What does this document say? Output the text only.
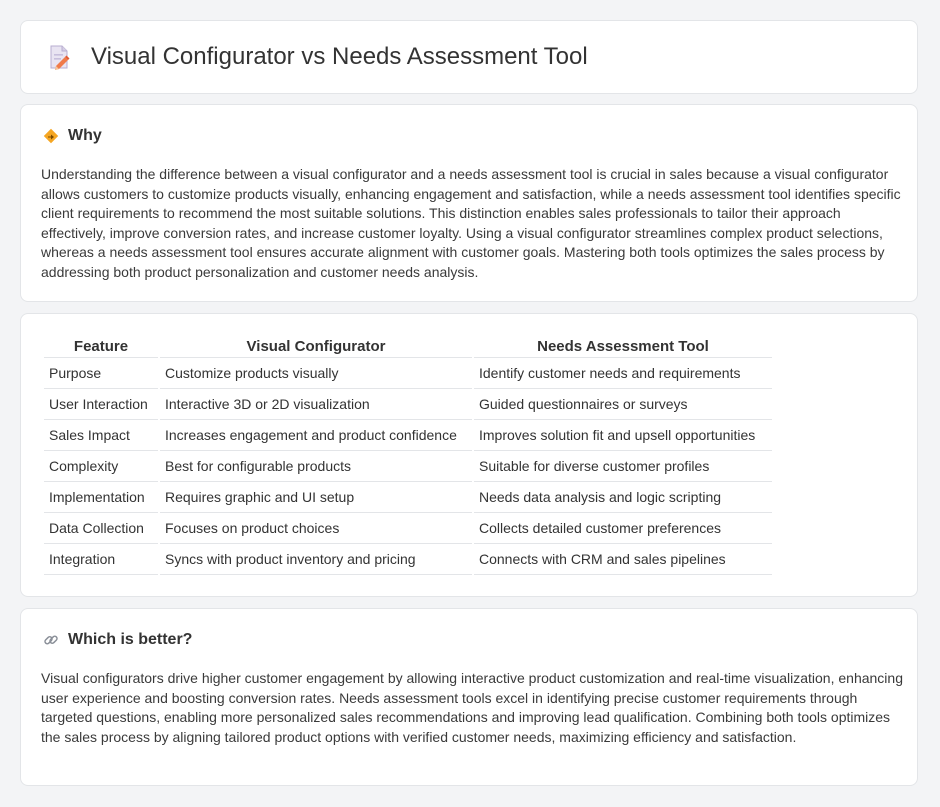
Visual Configurator vs Needs Assessment Tool
Why

Understanding the difference between a visual configurator and a needs assessment tool is crucial in sales because a visual configurator allows customers to customize products visually, enhancing engagement and satisfaction, while a needs assessment tool identifies specific client requirements to recommend the most suitable solutions. This distinction enables sales professionals to tailor their approach effectively, improve conversion rates, and increase customer loyalty. Using a visual configurator streamlines complex product selections, whereas a needs assessment tool ensures accurate alignment with customer goals. Mastering both tools optimizes the sales process by addressing both product personalization and customer needs analysis.

Feature	Visual Configurator	Needs Assessment Tool
Purpose	Customize products visually	Identify customer needs and requirements
User Interaction	Interactive 3D or 2D visualization	Guided questionnaires or surveys
Sales Impact	Increases engagement and product confidence	Improves solution fit and upsell opportunities
Complexity	Best for configurable products	Suitable for diverse customer profiles
Implementation	Requires graphic and UI setup	Needs data analysis and logic scripting
Data Collection	Focuses on product choices	Collects detailed customer preferences
Integration	Syncs with product inventory and pricing	Connects with CRM and sales pipelines
Which is better?

Visual configurators drive higher customer engagement by allowing interactive product customization and real-time visualization, enhancing user experience and boosting conversion rates. Needs assessment tools excel in identifying precise customer requirements through targeted questions, enabling more personalized sales recommendations and improving lead qualification. Combining both tools optimizes the sales process by aligning tailored product options with verified customer needs, maximizing efficiency and satisfaction.
